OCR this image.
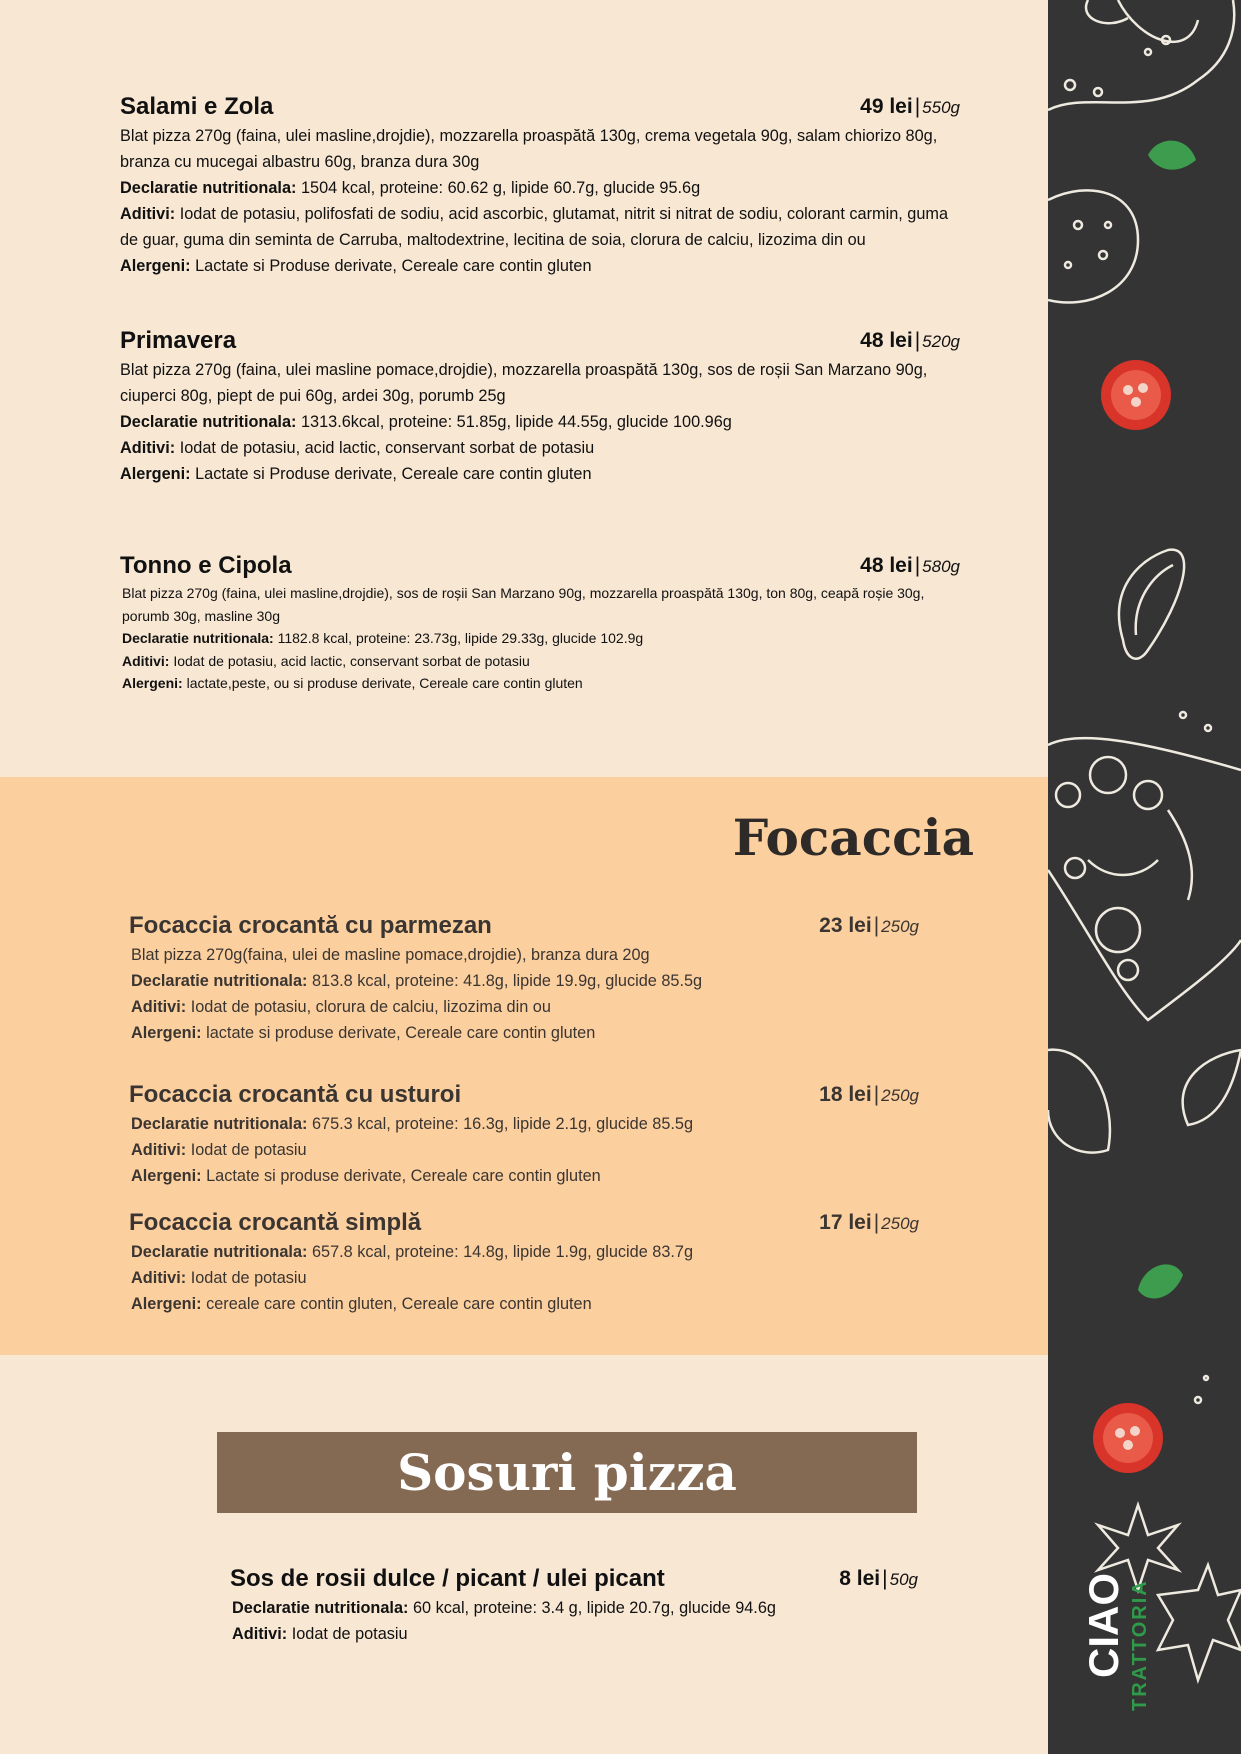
Salami e Zola	49 lei| 550g

Blat pizza 270g (faina, ulei masline,drojdie), mozzarella proaspătă 130g, crema vegetala 90g, salam chiorizo 80g, branza cu mucegai albastru 60g, branza dura 30g

Declaratie nutritionala: 1504 kcal, proteine: 60.62 g, lipide 60.7g, glucide 95.6g

Aditivi: Iodat de potasiu, polifosfati de sodiu, acid ascorbic, glutamat, nitrit si nitrat de sodiu, colorant carmin, guma de guar, guma din seminta de Carruba, maltodextrine, lecitina de soia, clorura de calciu, lizozima din ou

Alergeni: Lactate si Produse derivate, Cereale care contin gluten

Primavera	48 lei| 520g

Blat pizza 270g (faina, ulei masline pomace,drojdie), mozzarella proaspătă 130g, sos de roșii San Marzano 90g, ciuperci 80g, piept de pui 60g, ardei 30g, porumb 25g

Declaratie nutritionala: 1313.6kcal, proteine: 51.85g, lipide 44.55g, glucide 100.96g

Aditivi: Iodat de potasiu, acid lactic, conservant sorbat de potasiu

Alergeni: Lactate si Produse derivate, Cereale care contin gluten

Tonno e Cipola	48 lei| 580g

Blat pizza 270g (faina, ulei masline,drojdie), sos de roșii San Marzano 90g, mozzarella proaspătă 130g, ton 80g, ceapă roșie 30g, porumb 30g, masline 30g

Declaratie nutritionala: 1182.8 kcal, proteine: 23.73g, lipide 29.33g, glucide 102.9g

Aditivi: Iodat de potasiu, acid lactic, conservant sorbat de potasiu

Alergeni: lactate,peste, ou si produse derivate, Cereale care contin gluten

Focaccia
Focaccia crocantă cu parmezan	23 lei| 250g

Blat pizza 270g(faina, ulei de masline pomace,drojdie), branza dura 20g

Declaratie nutritionala: 813.8 kcal, proteine: 41.8g, lipide 19.9g, glucide 85.5g

Aditivi: Iodat de potasiu, clorura de calciu, lizozima din ou

Alergeni: lactate si produse derivate, Cereale care contin gluten

Focaccia crocantă cu usturoi	18 lei| 250g

Declaratie nutritionala: 675.3 kcal, proteine: 16.3g, lipide 2.1g, glucide 85.5g

Aditivi: Iodat de potasiu

Alergeni: Lactate si produse derivate, Cereale care contin gluten

Focaccia crocantă simplă	17 lei| 250g

Declaratie nutritionala: 657.8 kcal, proteine: 14.8g, lipide 1.9g, glucide 83.7g

Aditivi: Iodat de potasiu

Alergeni: cereale care contin gluten, Cereale care contin gluten

Sosuri pizza
Sos de rosii dulce / picant / ulei picant	8 lei| 50g

Declaratie nutritionala: 60 kcal, proteine: 3.4 g, lipide 20.7g, glucide 94.6g

Aditivi: Iodat de potasiu	CIAO TRATTORIA
